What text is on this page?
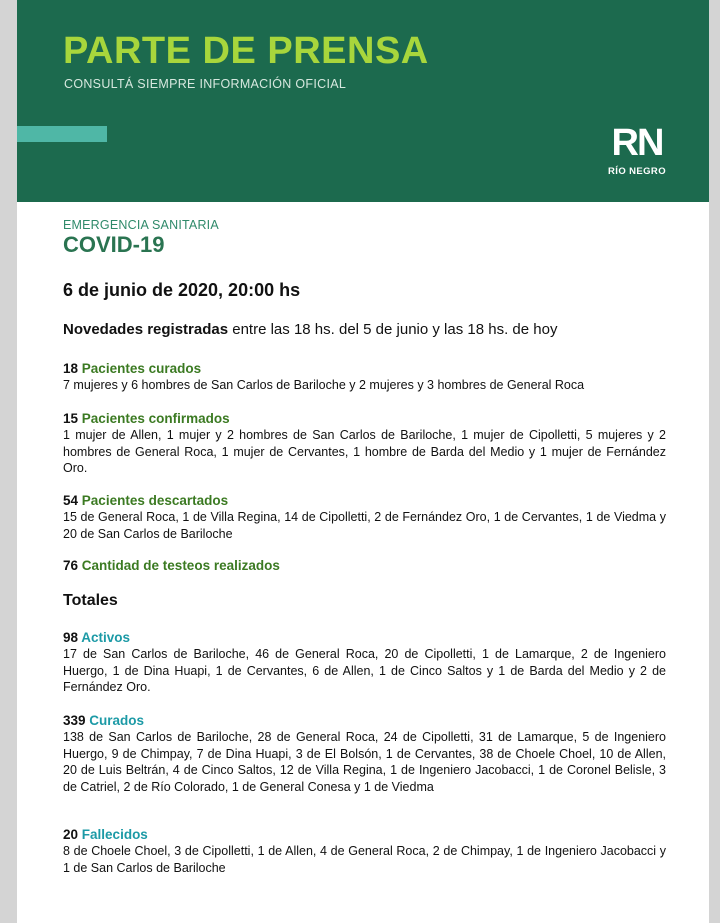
PARTE DE PRENSA
CONSULTÁ SIEMPRE INFORMACIÓN OFICIAL
RN
RÍO NEGRO
EMERGENCIA SANITARIA
COVID-19
6 de junio de 2020, 20:00 hs
Novedades registradas entre las 18 hs. del 5 de junio y las 18 hs. de hoy
18 Pacientes curados
7 mujeres y 6 hombres de San Carlos de Bariloche y 2 mujeres y 3 hombres de General Roca
15 Pacientes confirmados
1 mujer de Allen, 1 mujer y 2 hombres de San Carlos de Bariloche, 1 mujer de Cipolletti, 5 mujeres y 2 hombres de General Roca, 1 mujer de Cervantes, 1 hombre de Barda del Medio y 1 mujer de Fernández Oro.
54 Pacientes descartados
15 de General Roca, 1 de Villa Regina, 14 de Cipolletti, 2 de Fernández Oro, 1 de Cervantes, 1 de Viedma y 20 de San Carlos de Bariloche
76 Cantidad de testeos realizados
Totales
98 Activos
17 de San Carlos de Bariloche, 46 de General Roca, 20 de Cipolletti, 1 de Lamarque, 2 de Ingeniero Huergo, 1 de Dina Huapi, 1 de Cervantes, 6 de Allen, 1 de Cinco Saltos y 1 de Barda del Medio y 2 de Fernández Oro.
339 Curados
138 de San Carlos de Bariloche, 28 de General Roca, 24 de Cipolletti, 31 de Lamarque, 5 de Ingeniero Huergo, 9 de Chimpay, 7 de Dina Huapi, 3 de El Bolsón, 1 de Cervantes, 38 de Choele Choel, 10 de Allen, 20 de Luis Beltrán, 4 de Cinco Saltos, 12 de Villa Regina, 1 de Ingeniero Jacobacci, 1 de Coronel Belisle, 3 de Catriel, 2 de Río Colorado, 1 de General Conesa y 1 de Viedma
20 Fallecidos
8 de Choele Choel, 3 de Cipolletti, 1 de Allen, 4 de General Roca, 2 de Chimpay, 1 de Ingeniero Jacobacci y 1 de San Carlos de Bariloche
